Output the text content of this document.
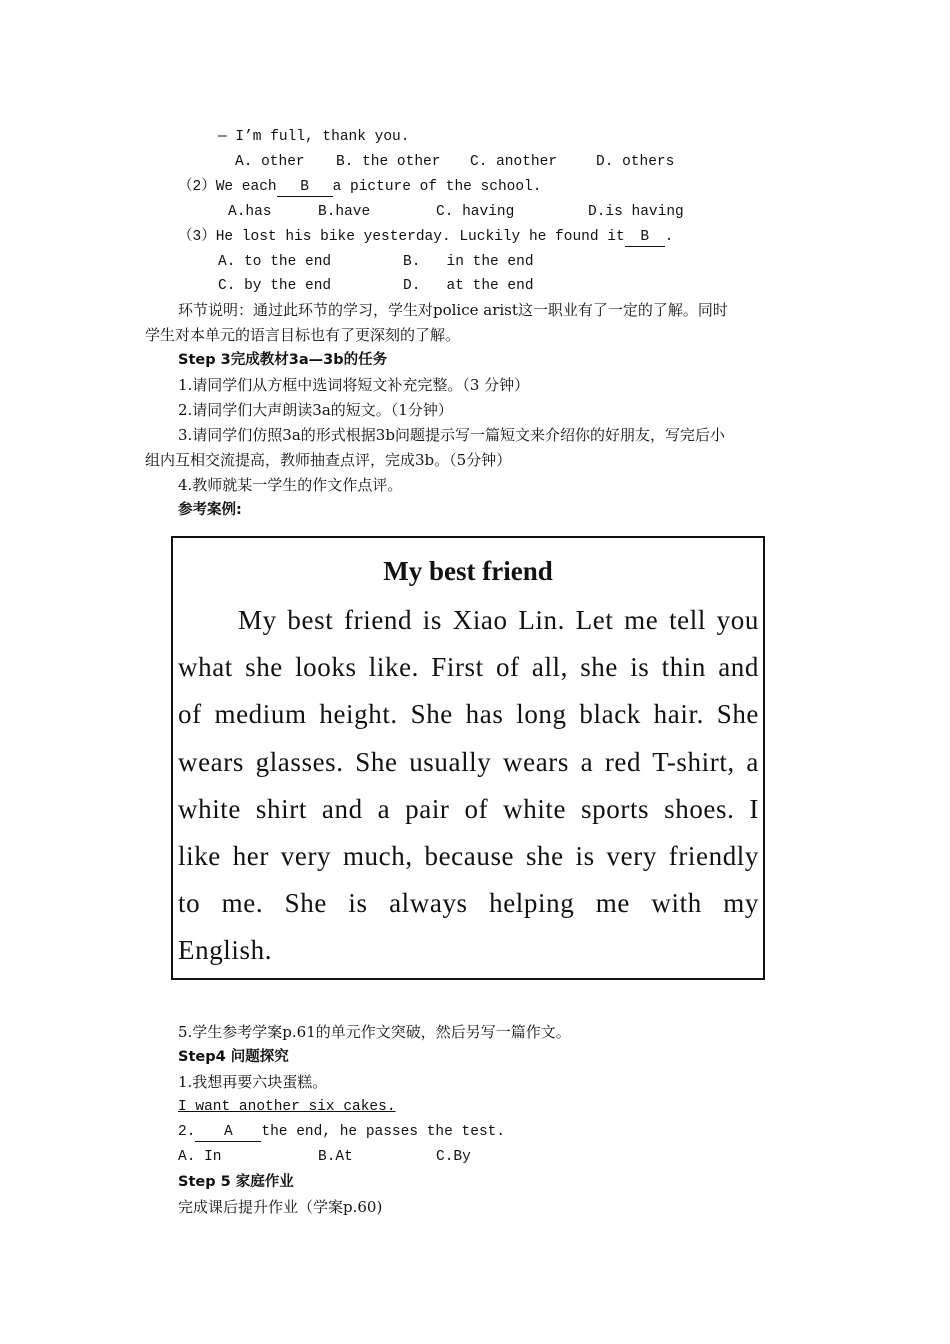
— I’m full, thank you.
A. other B. the other C. another	D. others
（2）We each B a picture of the school.
A.has	B.have	C. having	D.is having
（3）He lost his bike yesterday. Luckily he found it B .
A. to the end	B.   in the end
C. by the end	D.   at the end
环节说明：通过此环节的学习，学生对police arist这一职业有了一定的了解。同时
学生对本单元的语言目标也有了更深刻的了解。
Step 3完成教材3a—3b的任务
1.请同学们从方框中选词将短文补充完整。（3 分钟）
2.请同学们大声朗读3a的短文。（1分钟）
3.请同学们仿照3a的形式根据3b问题提示写一篇短文来介绍你的好朋友，写完后小
组内互相交流提高，教师抽查点评，完成3b。（5分钟）
4.教师就某一学生的作文作点评。
参考案例:
My best friend
My best friend is Xiao Lin. Let me tell you what she looks like. First of all, she is thin and of medium height. She has long black hair. She wears glasses. She usually wears a red T-shirt, a white shirt and a pair of white sports shoes. I like her very much, because she is very friendly to me. She is always helping me with my English.
5.学生参考学案p.61的单元作文突破，然后另写一篇作文。
Step4 问题探究
1.我想再要六块蛋糕。
I want another six cakes.
2. A the end, he passes the test.
A. In	B.At	C.By
Step 5 家庭作业
完成课后提升作业（学案p.60)
